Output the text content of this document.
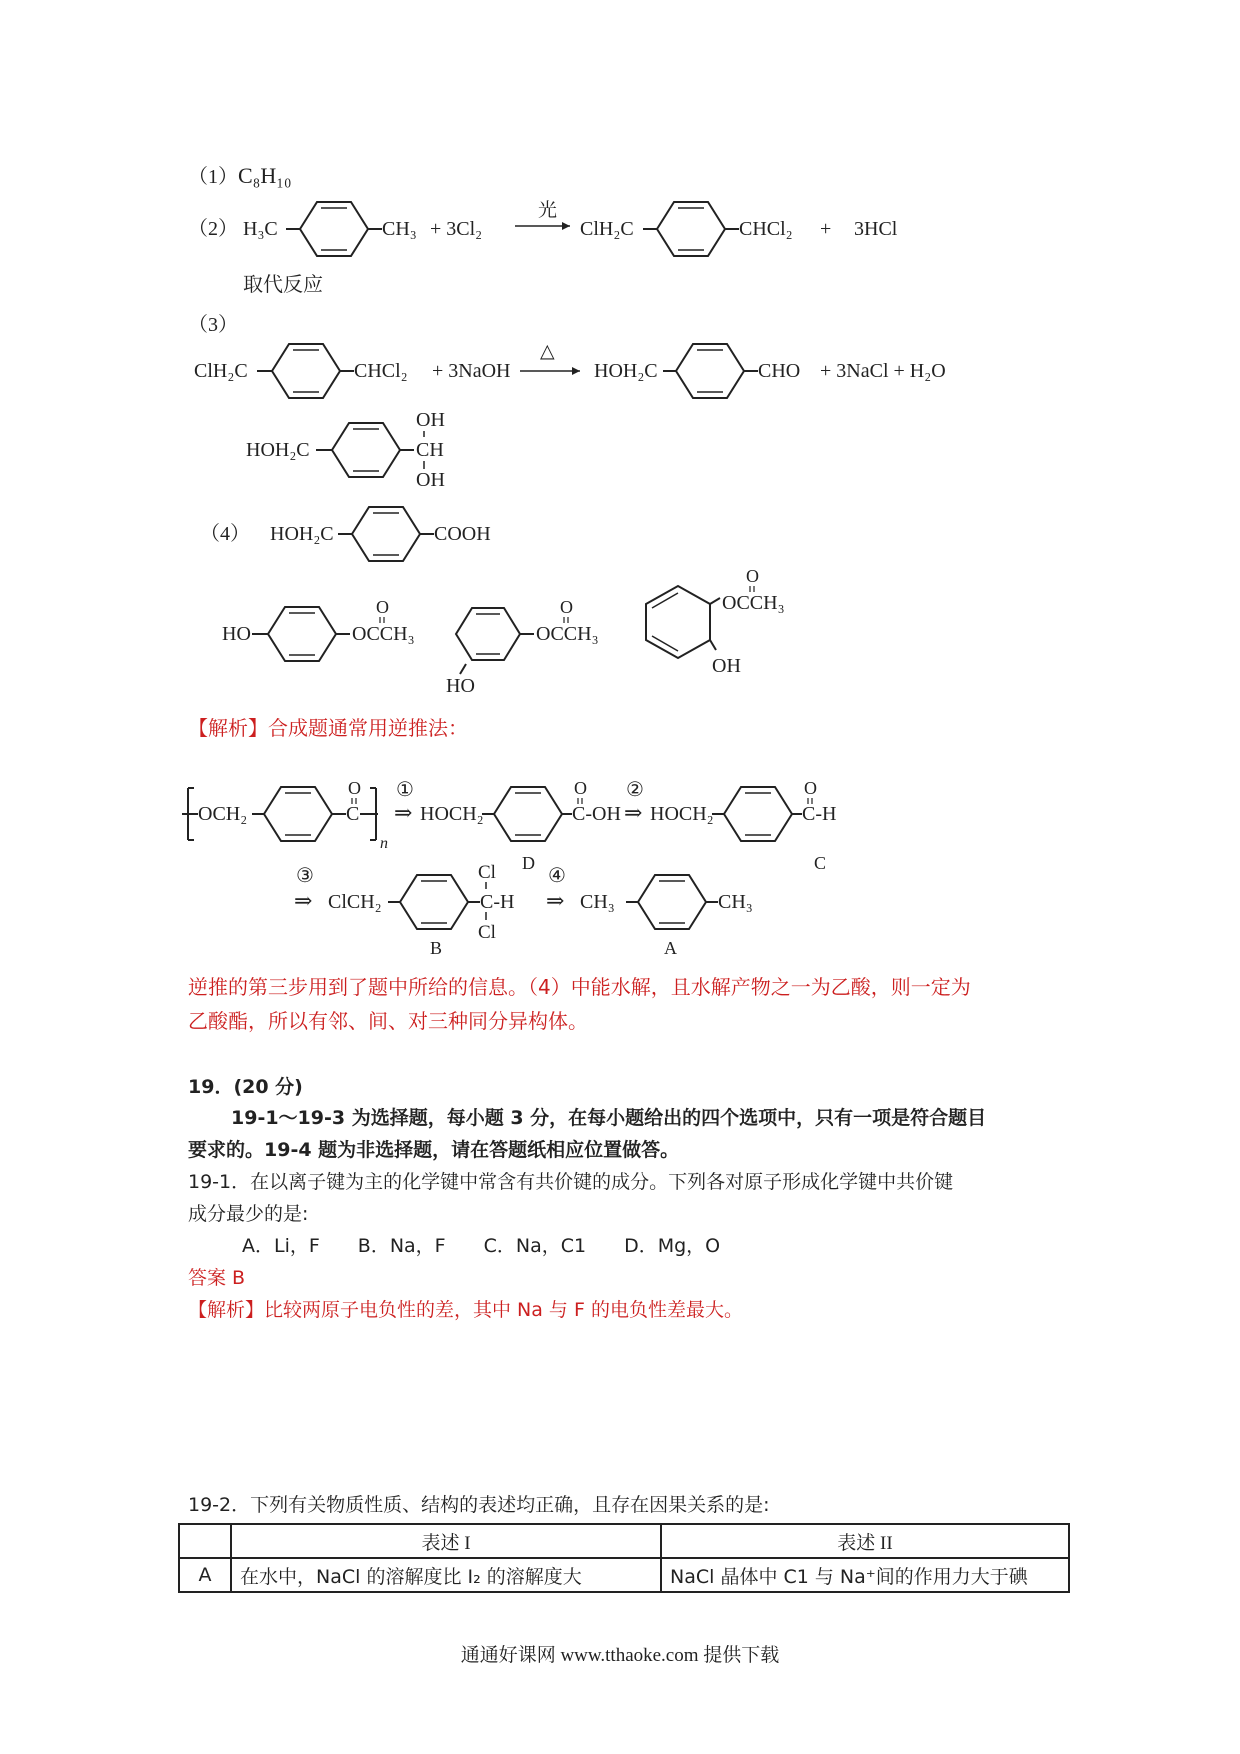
（1）C₈H₁₀
（2） H₃C	CH₃ + 3Cl₂
光
ClH₂C	CHCl₂ + 3HCl
取代反应
（3）
ClH₂C	CHCl₂ + 3NaOH
△
HOH₂C	CHO + 3NaCl + H₂O
HOH₂C
OH
CH
OH
（4） HOH₂C	COOH
HO
O
OCCH₃
O
OCCH₃
HO
O
OCCH₃
OH
【解析】合成题通常用逆推法：
OCH₂
O
C
n
①
⇒ HOCH₂
O
C-OH
D
②
⇒ HOCH₂
O
C-H
C
③
⇒ ClCH₂
Cl
C-H
Cl
B
④
⇒ CH₃	CH₃
A
逆推的第三步用到了题中所给的信息。（4）中能水解，且水解产物之一为乙酸，则一定为
乙酸酯，所以有邻、间、对三种同分异构体。
19．(20 分)
19-1～19-3 为选择题，每小题 3 分，在每小题给出的四个选项中，只有一项是符合题目
要求的。19-4 题为非选择题，请在答题纸相应位置做答。
19-1．在以离子键为主的化学键中常含有共价键的成分。下列各对原子形成化学键中共价键
成分最少的是:
A．Li，F　　B．Na，F　　C．Na，C1　　D．Mg，O
答案 B
【解析】比较两原子电负性的差，其中 Na 与 F 的电负性差最大。
19-2．下列有关物质性质、结构的表述均正确，且存在因果关系的是:
	表述 I	表述 II
A	在水中，NaCl 的溶解度比 I₂ 的溶解度大	NaCl 晶体中 C1 与 Na⁺间的作用力大于碘
通通好课网 www.tthaoke.com 提供下载
